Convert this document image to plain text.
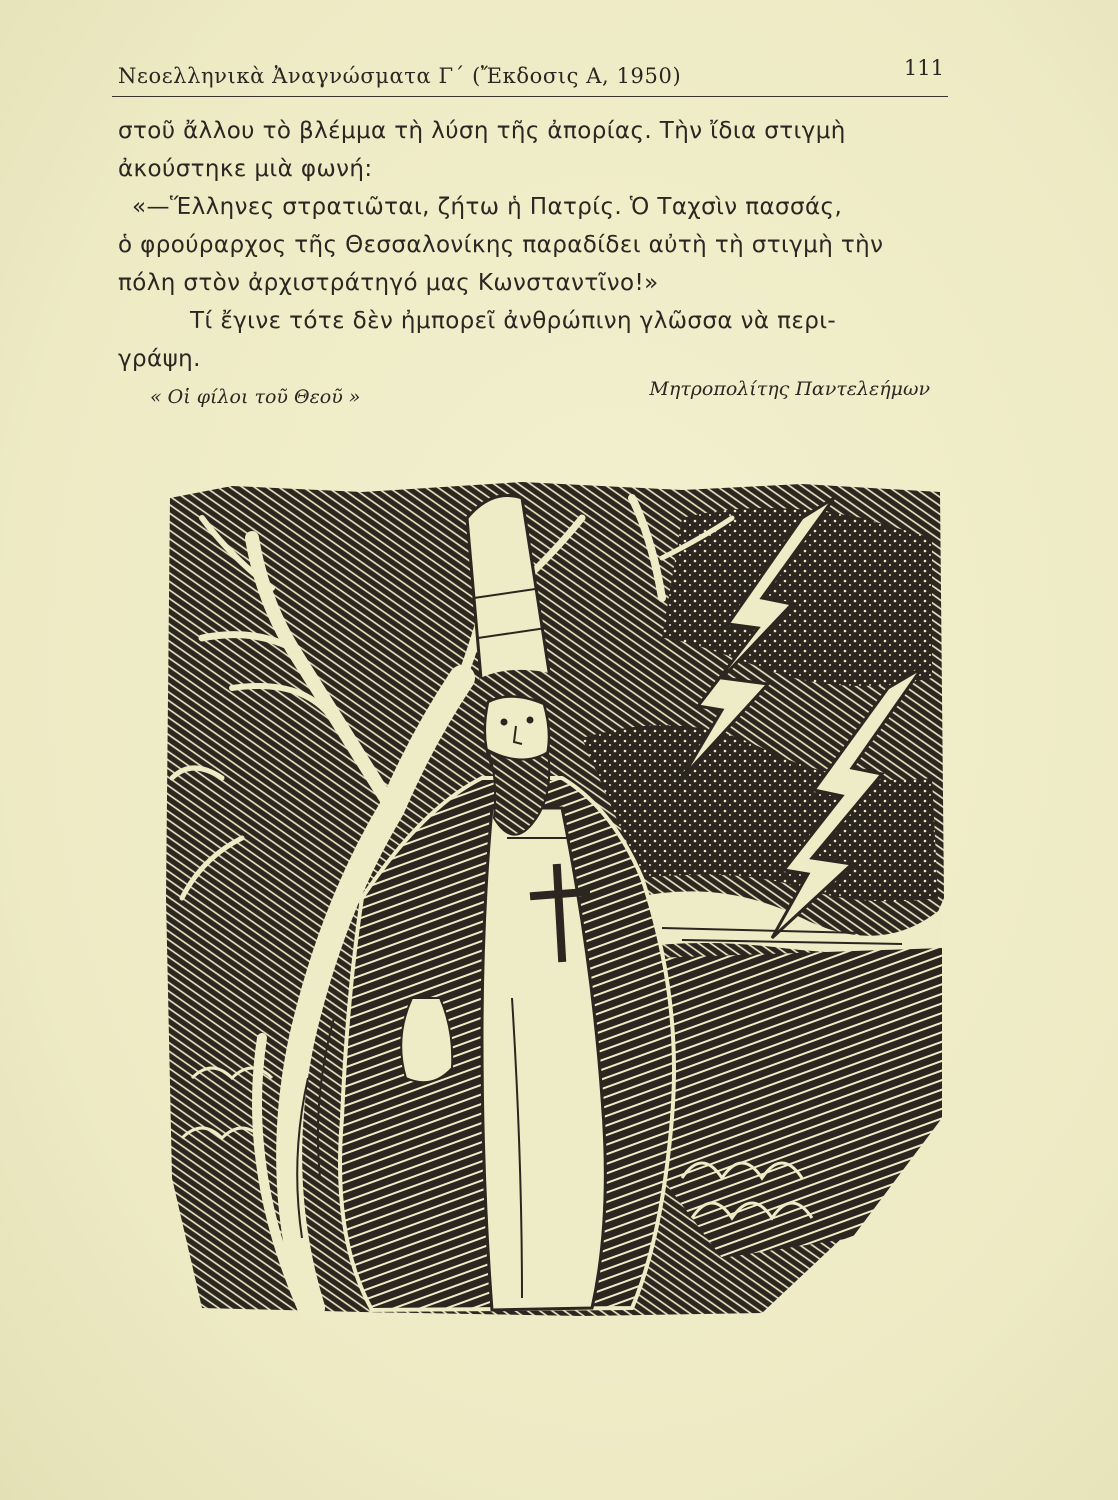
Νεοελληνικὰ Ἀναγνώσματα Γ΄ (Ἔκδοσις Α, 1950)	111
στοῦ ἄλλου τὸ βλέμμα τὴ λύση τῆς ἀπορίας. Τὴν ἴδια στιγμὴ
ἀκούστηκε μιὰ φωνή:
«—Ἕλληνες στρατιῶται, ζήτω ἡ Πατρίς. Ὁ Ταχσὶν πασσάς,
ὁ φρούραρχος τῆς Θεσσαλονίκης παραδίδει αὐτὴ τὴ στιγμὴ τὴν
πόλη στὸν ἀρχιστράτηγό μας Κωνσταντῖνο!»
Τί ἔγινε τότε δὲν ἠμπορεῖ ἀνθρώπινη γλῶσσα νὰ περι-
γράψη.
« Οἱ φίλοι τοῦ Θεοῦ »	Μητροπολίτης Παντελεήμων
